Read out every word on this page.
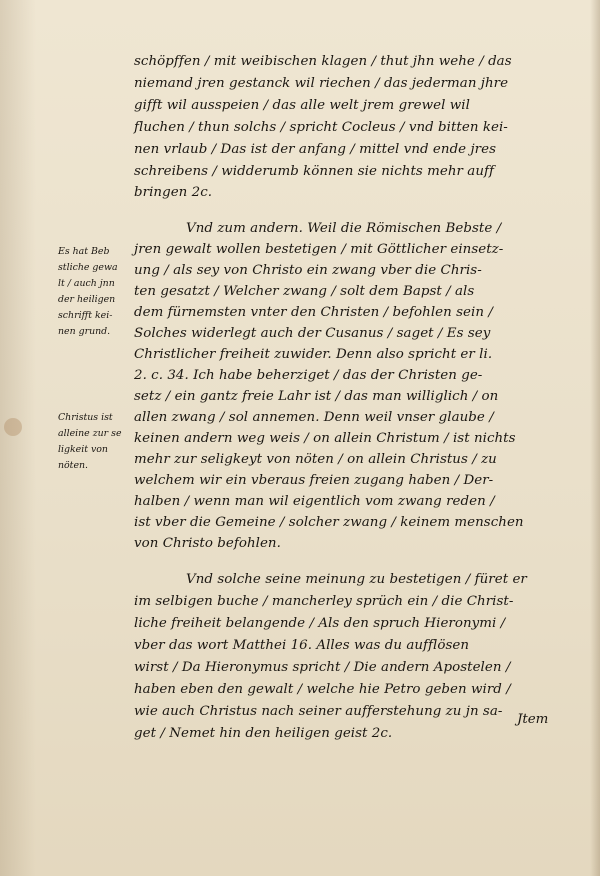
schöpffen / mit weibischen klagen / thut jhn wehe / das
niemand jren gestanck wil riechen / das jederman jhre
gifft wil ausspeien / das alle welt jrem grewel wil
fluchen / thun solchs / spricht Cocleus / vnd bitten kei-
nen vrlaub / Das ist der anfang / mittel vnd ende jres
schreibens / widderumb können sie nichts mehr auff
bringen 2c.
Vnd zum andern. Weil die Römischen Bebste /
jren gewalt wollen bestetigen / mit Göttlicher einsetz-
ung / als sey von Christo ein zwang vber die Chris-
ten gesatzt / Welcher zwang / solt dem Bapst / als
dem fürnemsten vnter den Christen / befohlen sein /
Solches widerlegt auch der Cusanus / saget / Es sey
Christlicher freiheit zuwider. Denn also spricht er li.
2. c. 34. Ich habe beherziget / das der Christen ge-
setz / ein gantz freie Lahr ist / das man williglich / on
allen zwang / sol annemen. Denn weil vnser glaube /
keinen andern weg weis / on allein Christum / ist nichts
mehr zur seligkeyt von nöten / on allein Christus / zu
welchem wir ein vberaus freien zugang haben / Der-
halben / wenn man wil eigentlich vom zwang reden /
ist vber die Gemeine / solcher zwang / keinem menschen
von Christo befohlen.
Vnd solche seine meinung zu bestetigen / füret er
im selbigen buche / mancherley sprüch ein / die Christ-
liche freiheit belangende / Als den spruch Hieronymi /
vber das wort Matthei 16. Alles was du aufflösen
wirst / Da Hieronymus spricht / Die andern Apostelen /
haben eben den gewalt / welche hie Petro geben wird /
wie auch Christus nach seiner aufferstehung zu jn sa-
get / Nemet hin den heiligen geist 2c.
Jtem
Es hat Beb
stliche gewa
lt / auch jnn
der heiligen
schrifft kei-
nen grund.
Christus ist
alleine zur se
ligkeit von
nöten.
